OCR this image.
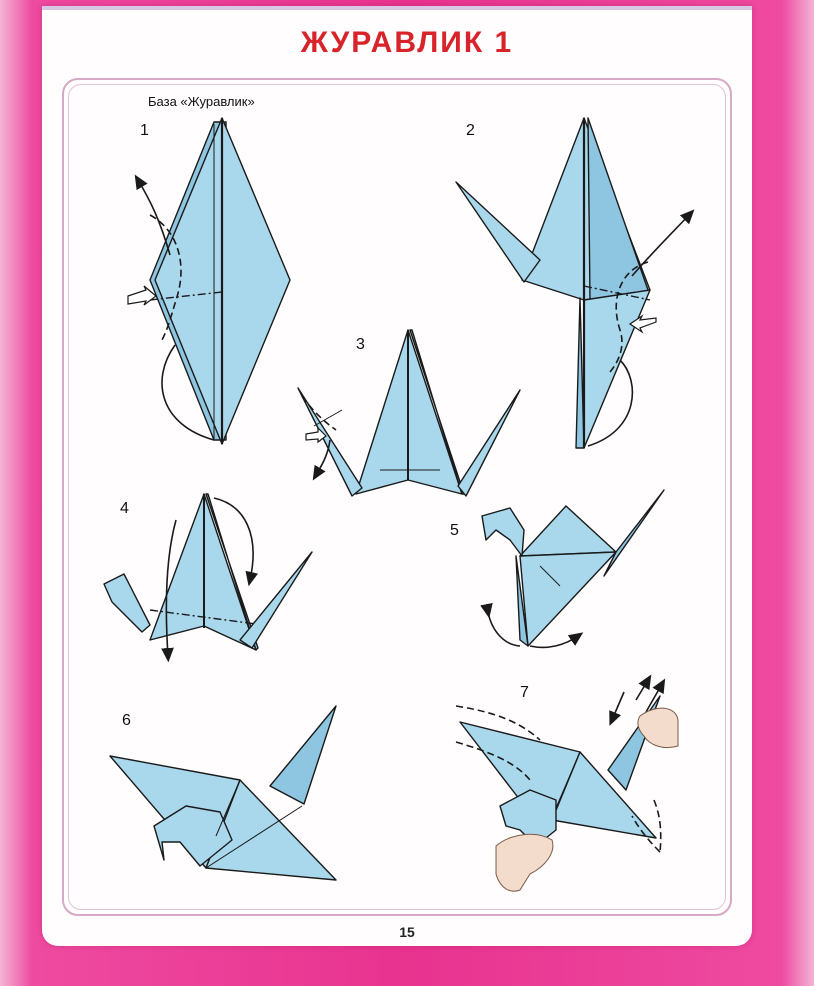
ЖУРАВЛИК 1
База «Журавлик»
1	2
3
4
5
6
7
15
